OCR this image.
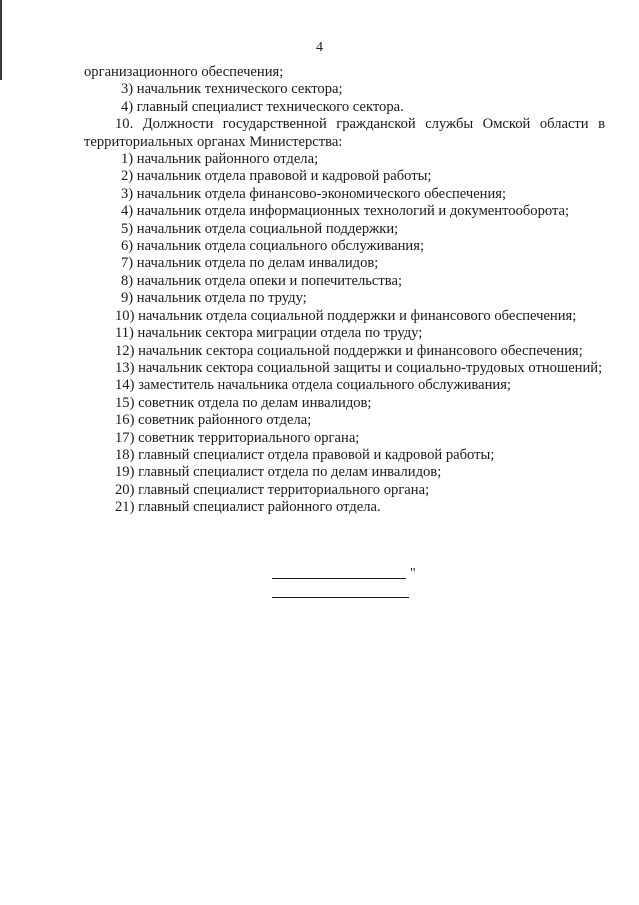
4

организационного обеспечения;

3) начальник технического сектора;

4) главный специалист технического сектора.

10. Должности государственной гражданской службы Омской области в территориальных органах Министерства:

1) начальник районного отдела;

2) начальник отдела правовой и кадровой работы;

3) начальник отдела финансово-экономического обеспечения;

4) начальник отдела информационных технологий и документооборота;

5) начальник отдела социальной поддержки;

6) начальник отдела социального обслуживания;

7) начальник отдела по делам инвалидов;

8) начальник отдела опеки и попечительства;

9) начальник отдела по труду;

10) начальник отдела социальной поддержки и финансового обеспечения;

11) начальник сектора миграции отдела по труду;

12) начальник сектора социальной поддержки и финансового обеспечения;

13) начальник сектора социальной защиты и социально-трудовых отношений;

14) заместитель начальника отдела социального обслуживания;

15) советник отдела по делам инвалидов;

16) советник районного отдела;

17) советник территориального органа;

18) главный специалист отдела правовой и кадровой работы;

19) главный специалист отдела по делам инвалидов;

20) главный специалист территориального органа;

21) главный специалист районного отдела.

"
